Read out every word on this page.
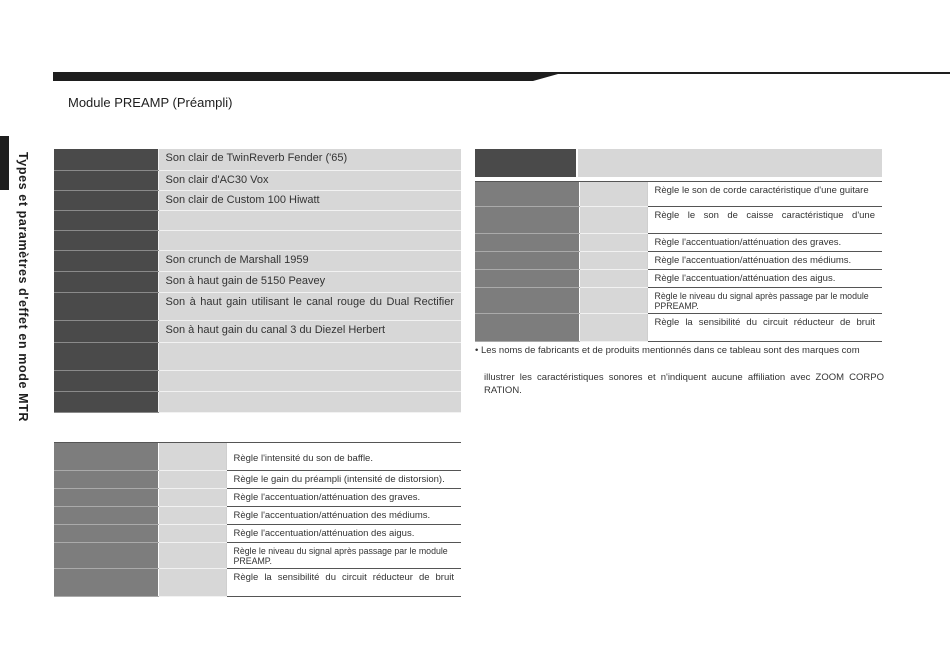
Module PREAMP (Préampli)
Types et paramètres d'effet en mode MTR
		Son clair de TwinReverb Fender ('65)
	Son clair d'AC30 Vox
	Son clair de Custom 100 Hiwatt

	Son crunch de Marshall 1959
	Son à haut gain de 5150 Peavey
	Son à haut gain utilisant le canal rouge du Dual Rectifier
	Son à haut gain du canal 3 du Diezel Herbert

		Règle l'intensité du son de baffle.
		Règle le gain du préampli (intensité de distorsion).
		Règle l'accentuation/atténuation des graves.
		Règle l'accentuation/atténuation des médiums.
		Règle l'accentuation/atténuation des aigus.
		Règle le niveau du signal après passage par le module PREAMP.
		Règle la sensibilité du circuit réducteur de bruit

		Règle le son de corde caractéristique d'une guitare
		Règle le son de caisse caractéristique d'une
		Règle l'accentuation/atténuation des graves.
		Règle l'accentuation/atténuation des médiums.
		Règle l'accentuation/atténuation des aigus.
		Règle le niveau du signal après passage par le module PPREAMP.
		Règle la sensibilité du circuit réducteur de bruit
• Les noms de fabricants et de produits mentionnés dans ce tableau sont des marques com
illustrer les caractéristiques sonores et n'indiquent aucune affiliation avec ZOOM CORPO
RATION.
